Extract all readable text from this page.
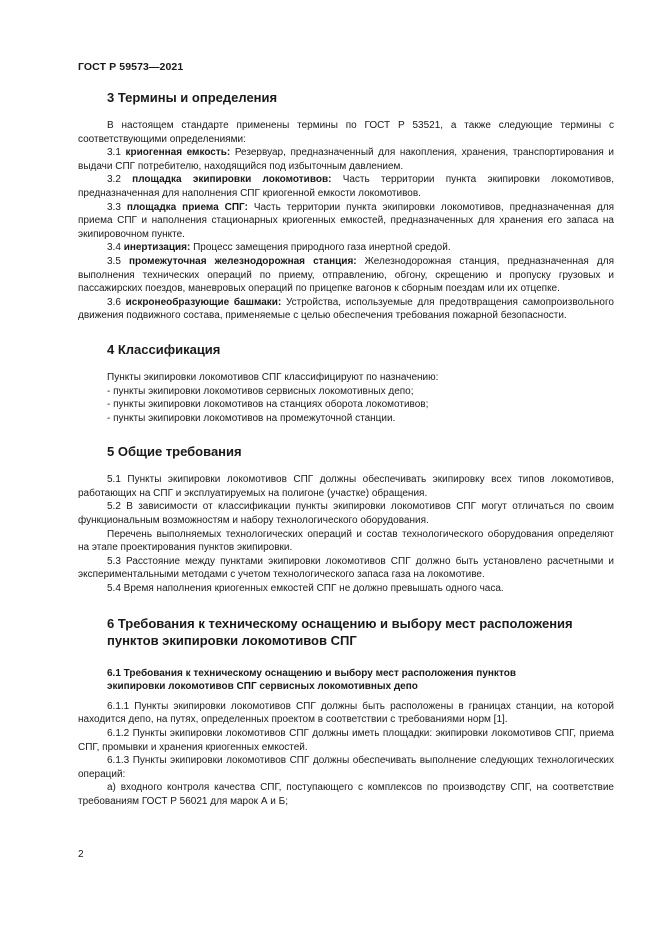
ГОСТ Р 59573—2021
3 Термины и определения

В настоящем стандарте применены термины по ГОСТ Р 53521, а также следующие термины с соответствующими определениями:

3.1 криогенная емкость: Резервуар, предназначенный для накопления, хранения, транспортирования и выдачи СПГ потребителю, находящийся под избыточным давлением.

3.2 площадка экипировки локомотивов: Часть территории пункта экипировки локомотивов, предназначенная для наполнения СПГ криогенной емкости локомотивов.

3.3 площадка приема СПГ: Часть территории пункта экипировки локомотивов, предназначенная для приема СПГ и наполнения стационарных криогенных емкостей, предназначенных для хранения его запаса на экипировочном пункте.

3.4 инертизация: Процесс замещения природного газа инертной средой.

3.5 промежуточная железнодорожная станция: Железнодорожная станция, предназначенная для выполнения технических операций по приему, отправлению, обгону, скрещению и пропуску грузовых и пассажирских поездов, маневровых операций по прицепке вагонов к сборным поездам или их отцепке.

3.6 искронеобразующие башмаки: Устройства, используемые для предотвращения самопроизвольного движения подвижного состава, применяемые с целью обеспечения требования пожарной безопасности.

4 Классификация

Пункты экипировки локомотивов СПГ классифицируют по назначению:

- пункты экипировки локомотивов сервисных локомотивных депо;
- пункты экипировки локомотивов на станциях оборота локомотивов;
- пункты экипировки локомотивов на промежуточной станции.
5 Общие требования

5.1 Пункты экипировки локомотивов СПГ должны обеспечивать экипировку всех типов локомотивов, работающих на СПГ и эксплуатируемых на полигоне (участке) обращения.

5.2 В зависимости от классификации пункты экипировки локомотивов СПГ могут отличаться по своим функциональным возможностям и набору технологического оборудования.

Перечень выполняемых технологических операций и состав технологического оборудования определяют на этапе проектирования пунктов экипировки.

5.3 Расстояние между пунктами экипировки локомотивов СПГ должно быть установлено расчетными и экспериментальными методами с учетом технологического запаса газа на локомотиве.

5.4 Время наполнения криогенных емкостей СПГ не должно превышать одного часа.

6 Требования к техническому оснащению и выбору мест расположения
пунктов экипировки локомотивов СПГ
6.1 Требования к техническому оснащению и выбору мест расположения пунктов
экипировки локомотивов СПГ сервисных локомотивных депо

6.1.1 Пункты экипировки локомотивов СПГ должны быть расположены в границах станции, на которой находится депо, на путях, определенных проектом в соответствии с требованиями норм [1].

6.1.2 Пункты экипировки локомотивов СПГ должны иметь площадки: экипировки локомотивов СПГ, приема СПГ, промывки и хранения криогенных емкостей.

6.1.3 Пункты экипировки локомотивов СПГ должны обеспечивать выполнение следующих технологических операций:

а) входного контроля качества СПГ, поступающего с комплексов по производству СПГ, на соответствие требованиям ГОСТ Р 56021 для марок А и Б;

2
